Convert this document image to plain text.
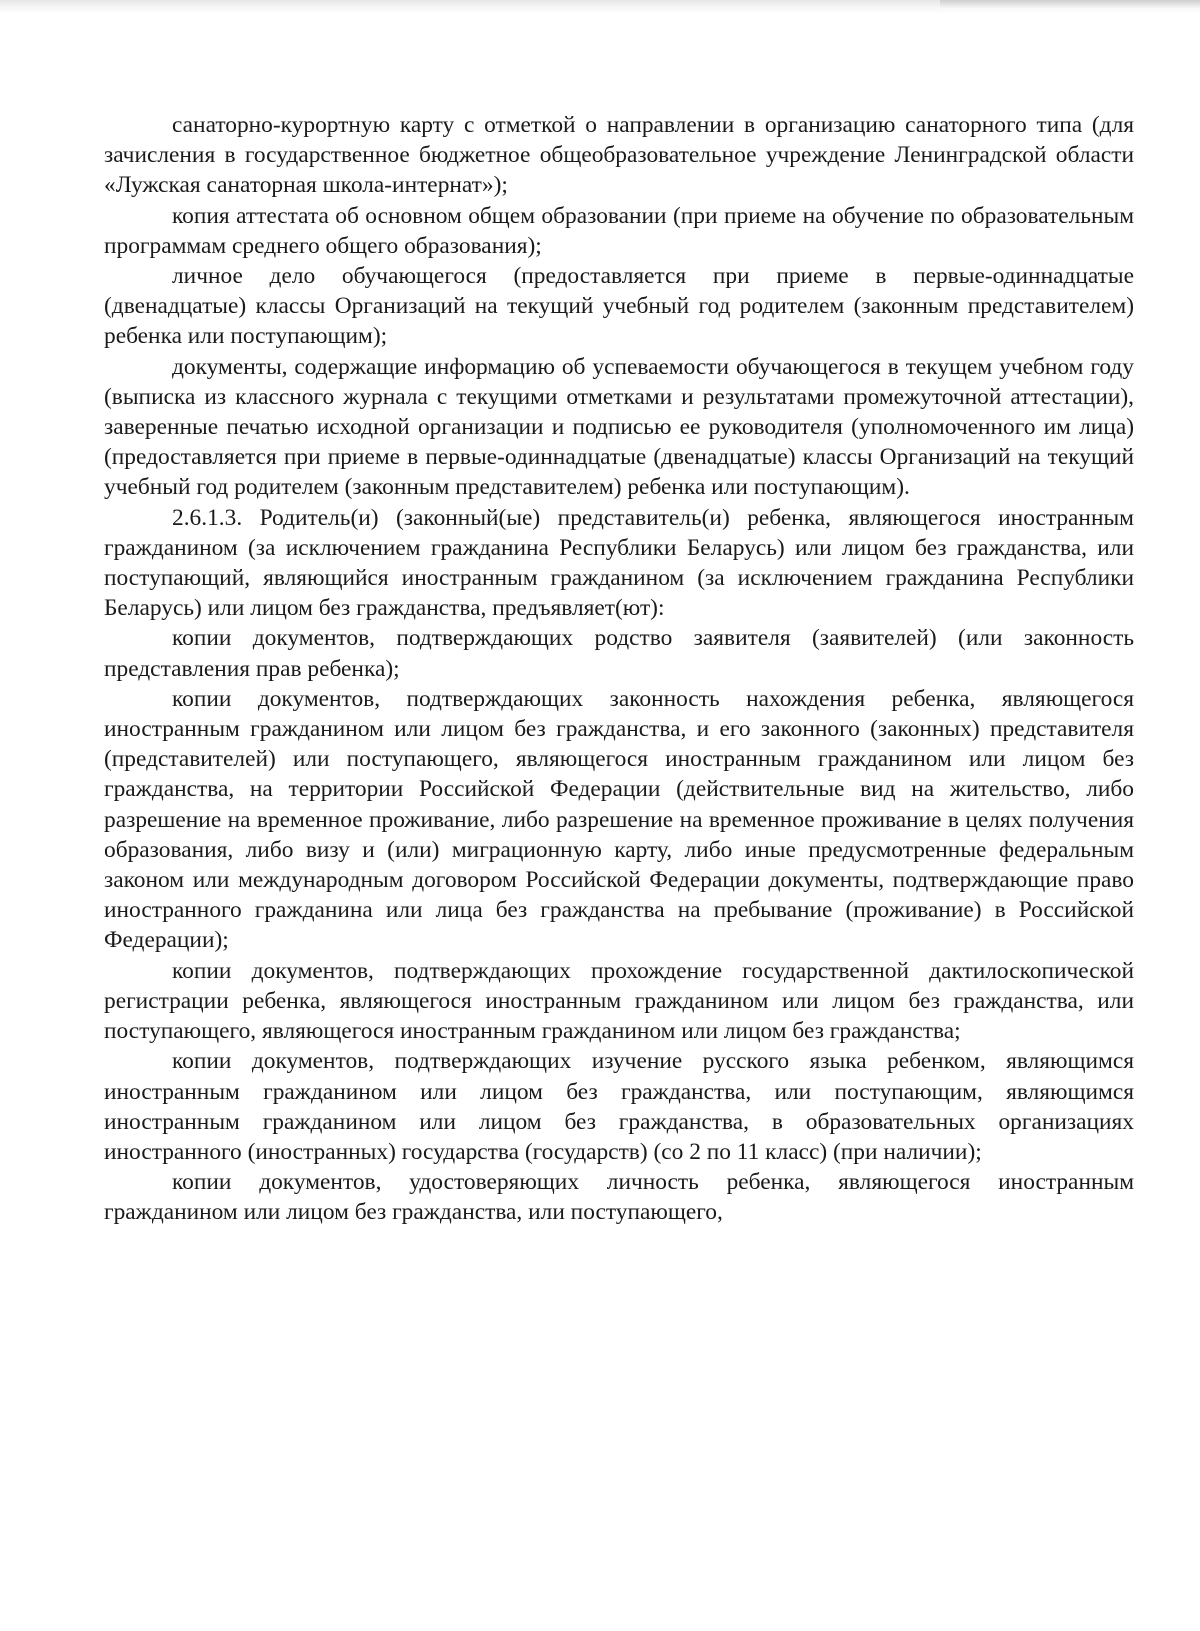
санаторно-курортную карту с отметкой о направлении в организацию санаторного типа (для зачисления в государственное бюджетное общеобразовательное учреждение Ленинградской области «Лужская санаторная школа-интернат»);

копия аттестата об основном общем образовании (при приеме на обучение по образовательным программам среднего общего образования);

личное дело обучающегося (предоставляется при приеме в первые-одиннадцатые (двенадцатые) классы Организаций на текущий учебный год родителем (законным представителем) ребенка или поступающим);

документы, содержащие информацию об успеваемости обучающегося в текущем учебном году (выписка из классного журнала с текущими отметками и результатами промежуточной аттестации), заверенные печатью исходной организации и подписью ее руководителя (уполномоченного им лица) (предоставляется при приеме в первые-одиннадцатые (двенадцатые) классы Организаций на текущий учебный год родителем (законным представителем) ребенка или поступающим).

2.6.1.3. Родитель(и) (законный(ые) представитель(и) ребенка, являющегося иностранным гражданином (за исключением гражданина Республики Беларусь) или лицом без гражданства, или поступающий, являющийся иностранным гражданином (за исключением гражданина Республики Беларусь) или лицом без гражданства, предъявляет(ют):

копии документов, подтверждающих родство заявителя (заявителей) (или законность представления прав ребенка);

копии документов, подтверждающих законность нахождения ребенка, являющегося иностранным гражданином или лицом без гражданства, и его законного (законных) представителя (представителей) или поступающего, являющегося иностранным гражданином или лицом без гражданства, на территории Российской Федерации (действительные вид на жительство, либо разрешение на временное проживание, либо разрешение на временное проживание в целях получения образования, либо визу и (или) миграционную карту, либо иные предусмотренные федеральным законом или международным договором Российской Федерации документы, подтверждающие право иностранного гражданина или лица без гражданства на пребывание (проживание) в Российской Федерации);

копии документов, подтверждающих прохождение государственной дактилоскопической регистрации ребенка, являющегося иностранным гражданином или лицом без гражданства, или поступающего, являющегося иностранным гражданином или лицом без гражданства;

копии документов, подтверждающих изучение русского языка ребенком, являющимся иностранным гражданином или лицом без гражданства, или поступающим, являющимся иностранным гражданином или лицом без гражданства, в образовательных организациях иностранного (иностранных) государства (государств) (со 2 по 11 класс) (при наличии);

копии документов, удостоверяющих личность ребенка, являющегося иностранным гражданином или лицом без гражданства, или поступающего,
